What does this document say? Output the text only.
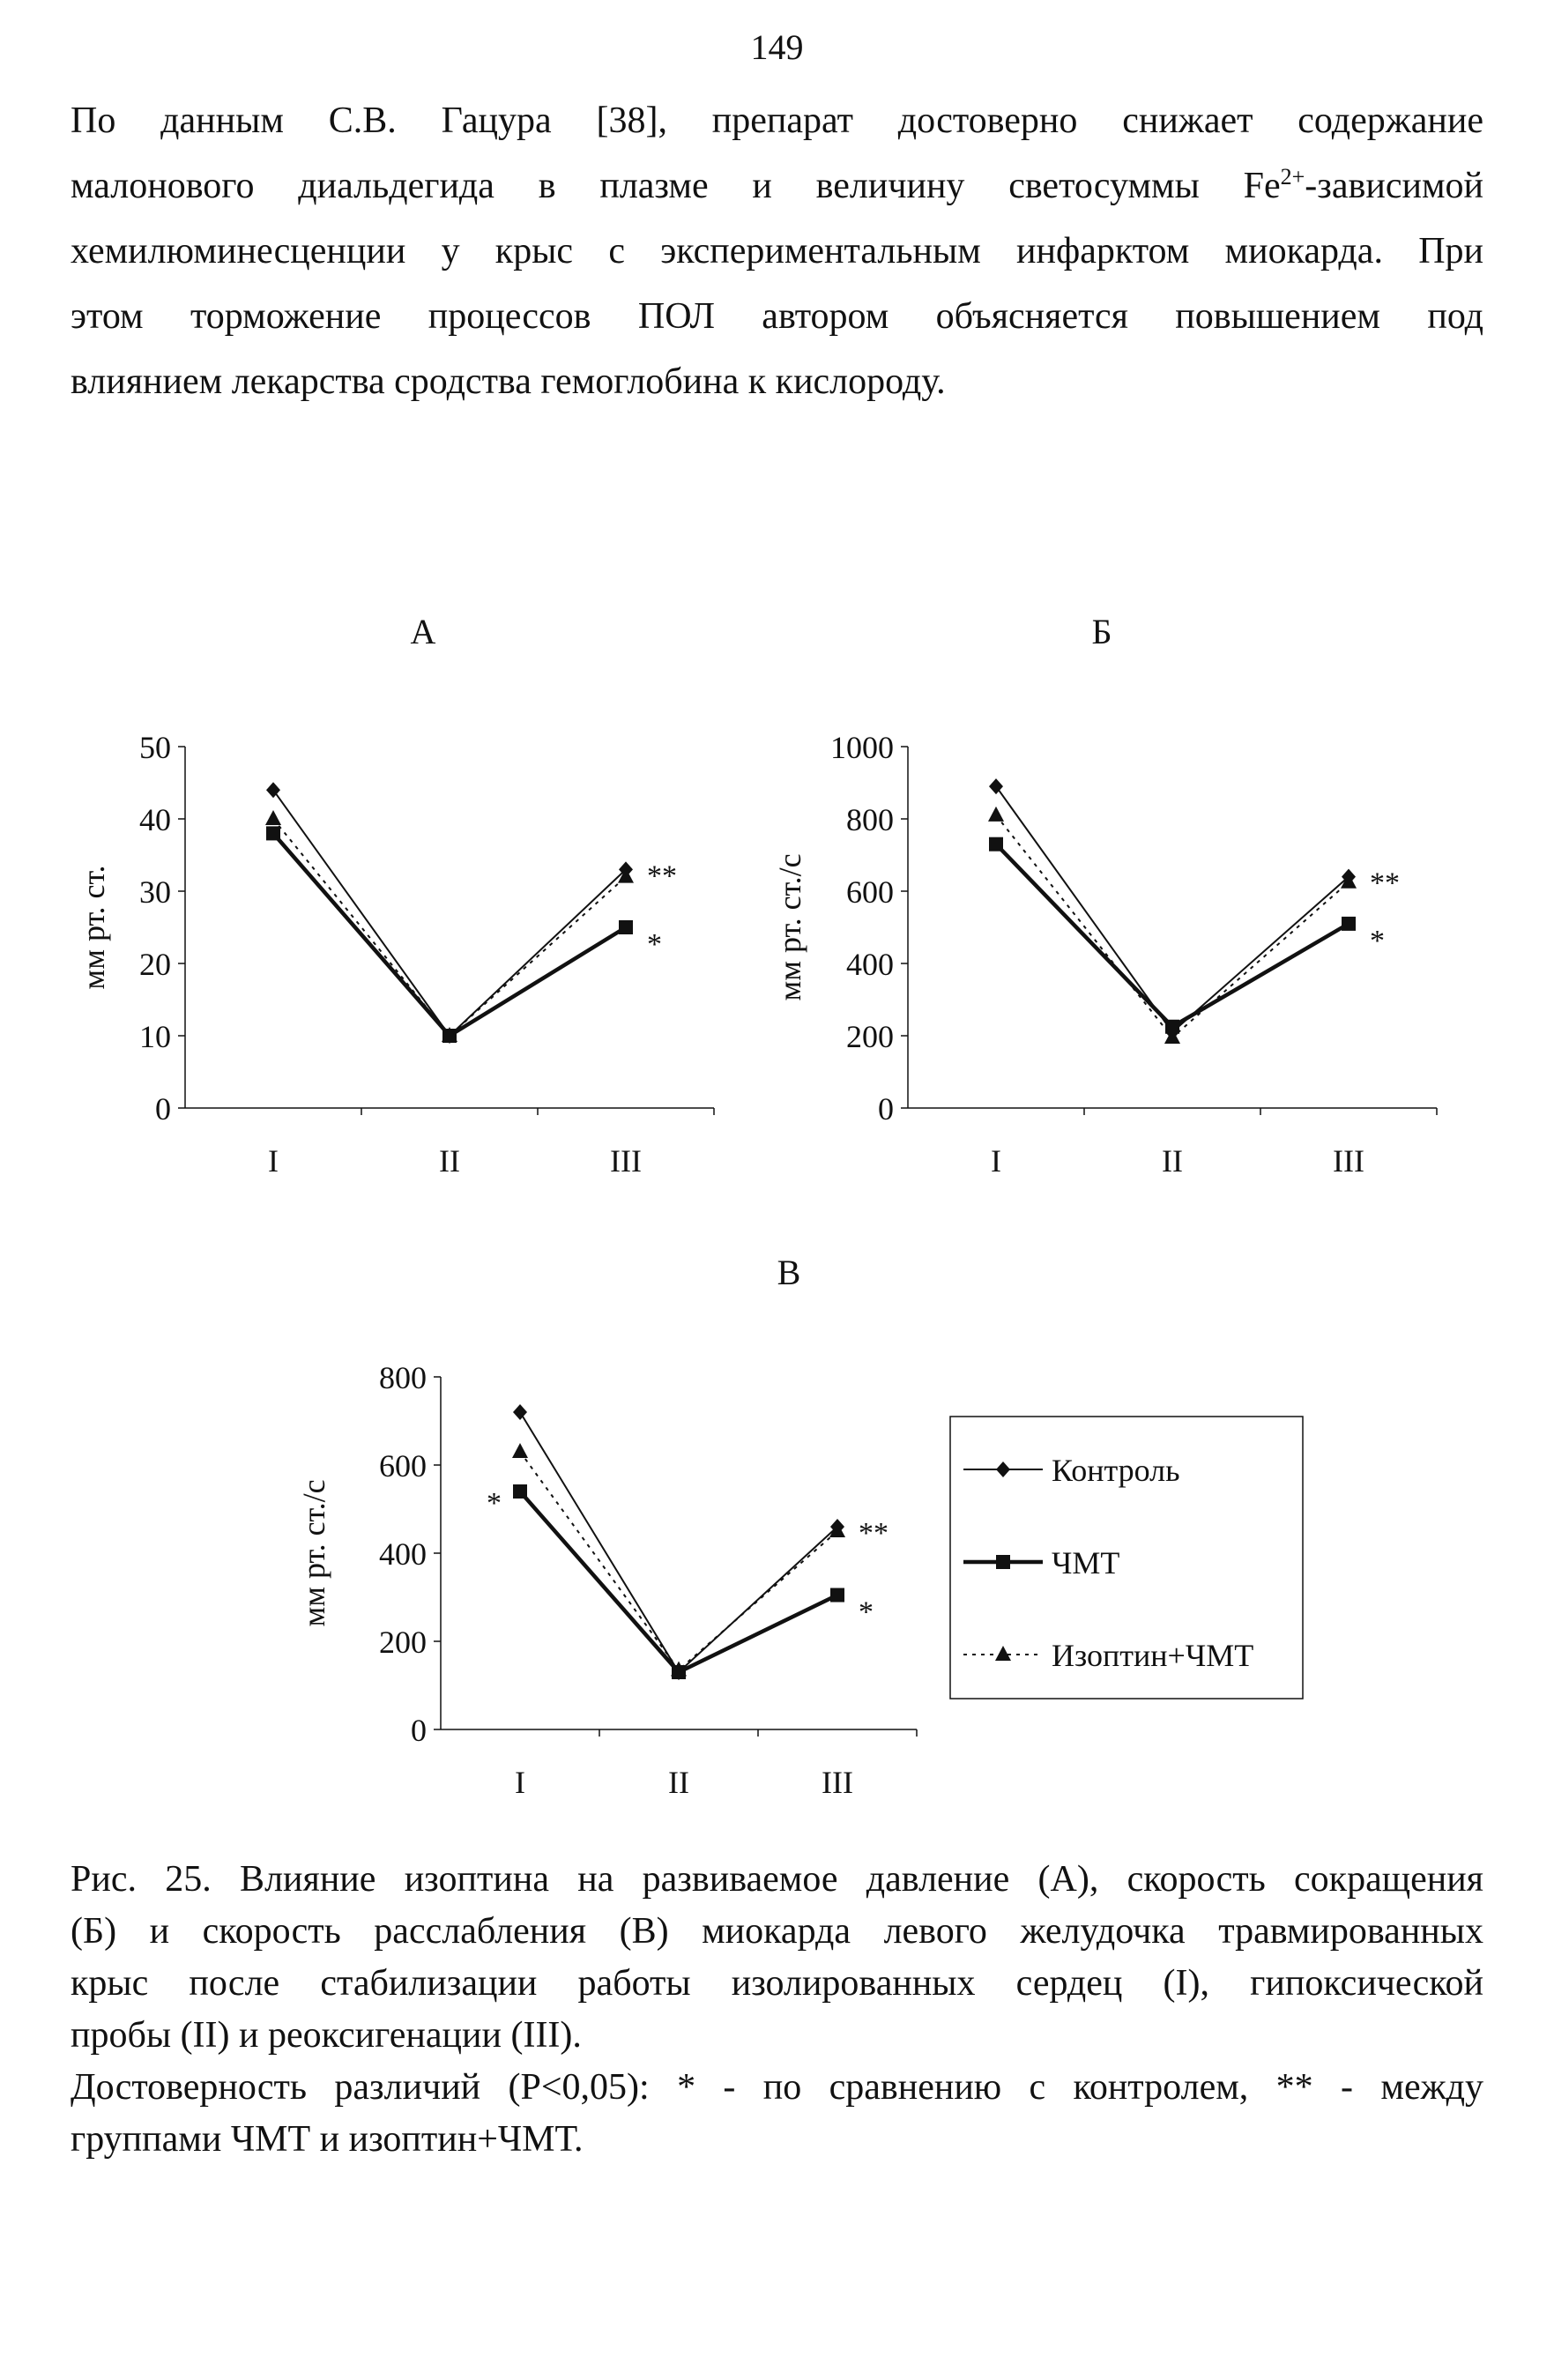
149
По данным С.В. Гацура [38], препарат достоверно снижает содержание
малонового диальдегида в плазме и величину светосуммы $Fe^{2+}$-зависимой
хемилюминесценции у крыс с экспериментальным инфарктом миокарда. При
этом торможение процессов ПОЛ автором объясняется повышением под
влиянием лекарства сродства гемоглобина к кислороду.
А
0
10
20
30
40
50
I	II	III
мм рт. ст.	**
*
Б
0
200
400
600
800
1000
I	II	III
мм рт. ст./с	**
*
В
0
200
400
600
800
I	II	III
мм рт. ст./с	**
*
*
Контроль
ЧМТ
Изоптин+ЧМТ
Рис. 25. Влияние изоптина на развиваемое давление (А), скорость сокращения
(Б) и скорость расслабления (В) миокарда левого желудочка травмированных
крыс после стабилизации работы изолированных сердец (I), гипоксической
пробы (II) и реоксигенации (III).
Достоверность различий (P<0,05): * - по сравнению с контролем, ** - между
группами ЧМТ и изоптин+ЧМТ.
